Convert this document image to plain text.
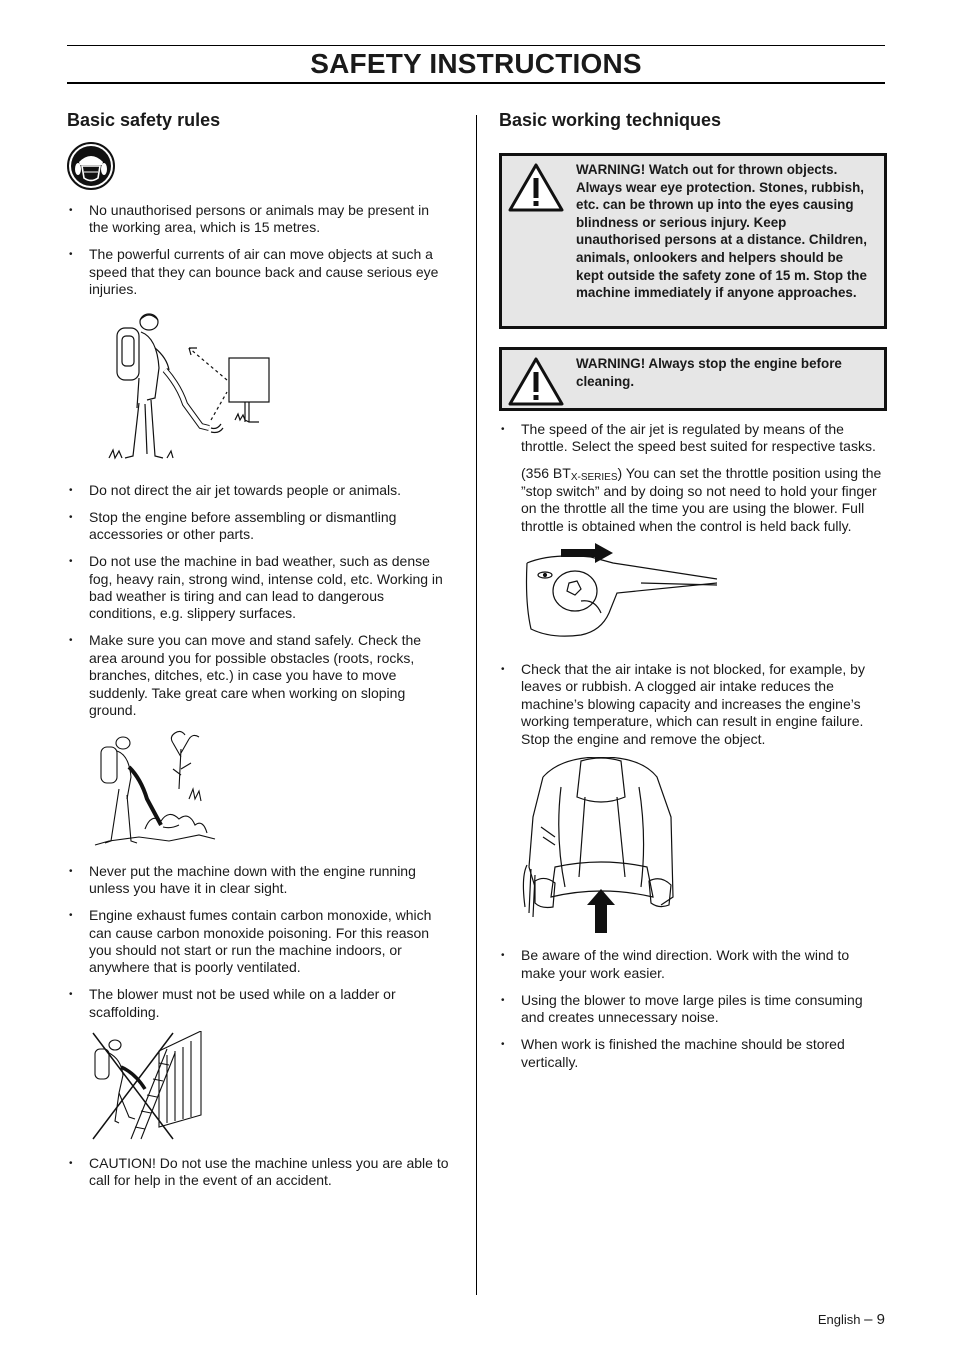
SAFETY INSTRUCTIONS
Basic safety rules
• No unauthorised persons or animals may be present in the working area, which is 15 metres.
• The powerful currents of air can move objects at such a speed that they can bounce back and cause serious eye injuries.
• Do not direct the air jet towards people or animals.
• Stop the engine before assembling or dismantling accessories or other parts.
• Do not use the machine in bad weather, such as dense fog, heavy rain, strong wind, intense cold, etc. Working in bad weather is tiring and can lead to dangerous conditions, e.g. slippery surfaces.
• Make sure you can move and stand safely. Check the area around you for possible obstacles (roots, rocks, branches, ditches, etc.) in case you have to move suddenly. Take great care when working on sloping ground.
• Never put the machine down with the engine running unless you have it in clear sight.
• Engine exhaust fumes contain carbon monoxide, which can cause carbon monoxide poisoning. For this reason you should not start or run the machine indoors, or anywhere that is poorly ventilated.
• The blower must not be used while on a ladder or scaffolding.
• CAUTION! Do not use the machine unless you are able to call for help in the event of an accident.
Basic working techniques
WARNING! Watch out for thrown objects. Always wear eye protection. Stones, rubbish, etc. can be thrown up into the eyes causing blindness or serious injury. Keep unauthorised persons at a distance. Children, animals, onlookers and helpers should be kept outside the safety zone of 15 m. Stop the machine immediately if anyone approaches.
WARNING! Always stop the engine before cleaning.
• The speed of the air jet is regulated by means of the throttle. Select the speed best suited for respective tasks.

(356 $BT_{X-SERIES}$) You can set the throttle position using the ”stop switch” and by doing so not need to hold your finger on the throttle all the time you are using the blower. Full throttle is obtained when the control is held back fully.

• Check that the air intake is not blocked, for example, by leaves or rubbish. A clogged air intake reduces the machine’s blowing capacity and increases the engine’s working temperature, which can result in engine failure. Stop the engine and remove the object.
• Be aware of the wind direction. Work with the wind to make your work easier.
• Using the blower to move large piles is time consuming and creates unnecessary noise.
• When work is finished the machine should be stored vertically.
English – 9
